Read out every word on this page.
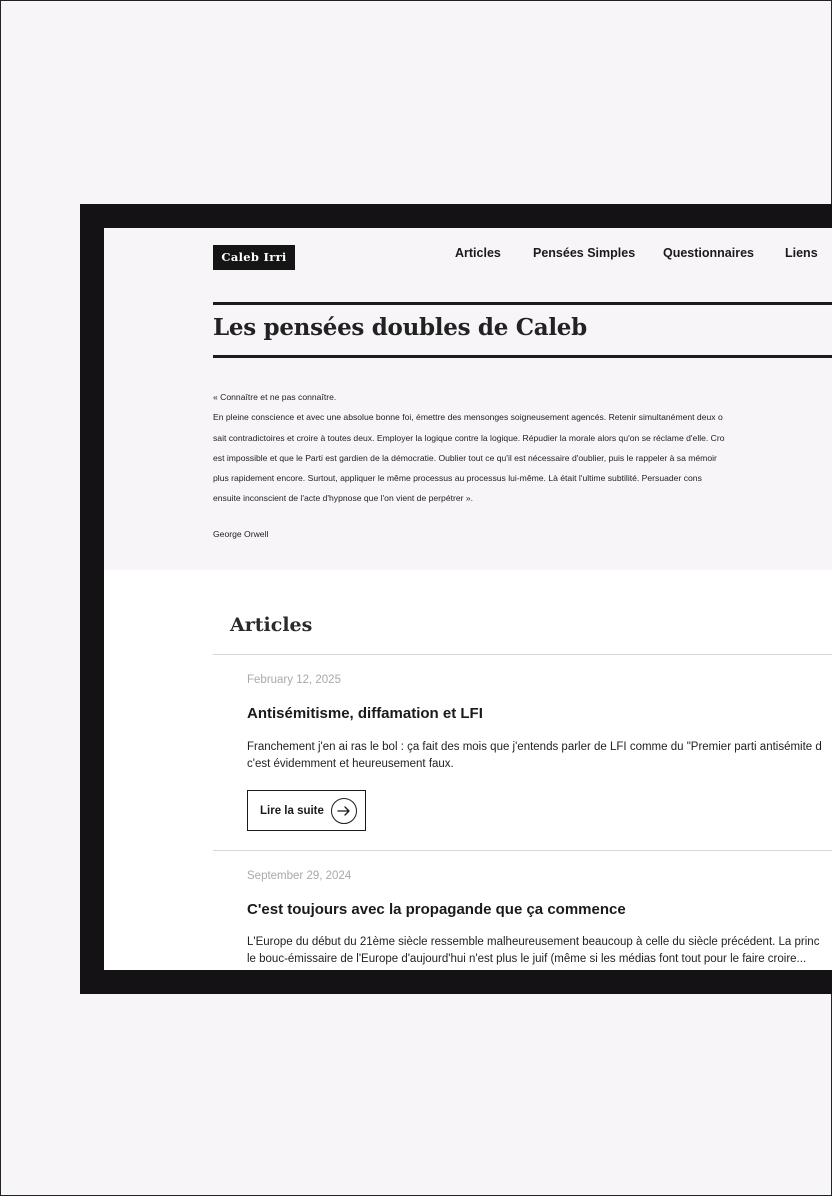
Caleb Irri	Articles	Pensées Simples Questionnaires Liens
Les pensées doubles de Caleb
« Connaître et ne pas connaître.
En pleine conscience et avec une absolue bonne foi, émettre des mensonges soigneusement agencés. Retenir simultanément deux o
sait contradictoires et croire à toutes deux. Employer la logique contre la logique. Répudier la morale alors qu'on se réclame d'elle. Cro
est impossible et que le Parti est gardien de la démocratie. Oublier tout ce qu'il est nécessaire d'oublier, puis le rappeler à sa mémoir
plus rapidement encore. Surtout, appliquer le même processus au processus lui-même. Là était l'ultime subtilité. Persuader cons
ensuite inconscient de l'acte d'hypnose que l'on vient de perpétrer ».
George Orwell
Articles
February 12, 2025
Antisémitisme, diffamation et LFI
Franchement j'en ai ras le bol : ça fait des mois que j'entends parler de LFI comme du "Premier parti antisémite d
c'est évidemment et heureusement faux.
Lire la suite
September 29, 2024
C'est toujours avec la propagande que ça commence
L'Europe du début du 21ème siècle ressemble malheureusement beaucoup à celle du siècle précédent. La princ
le bouc-émissaire de l'Europe d'aujourd'hui n'est plus le juif (même si les médias font tout pour le faire croire...
